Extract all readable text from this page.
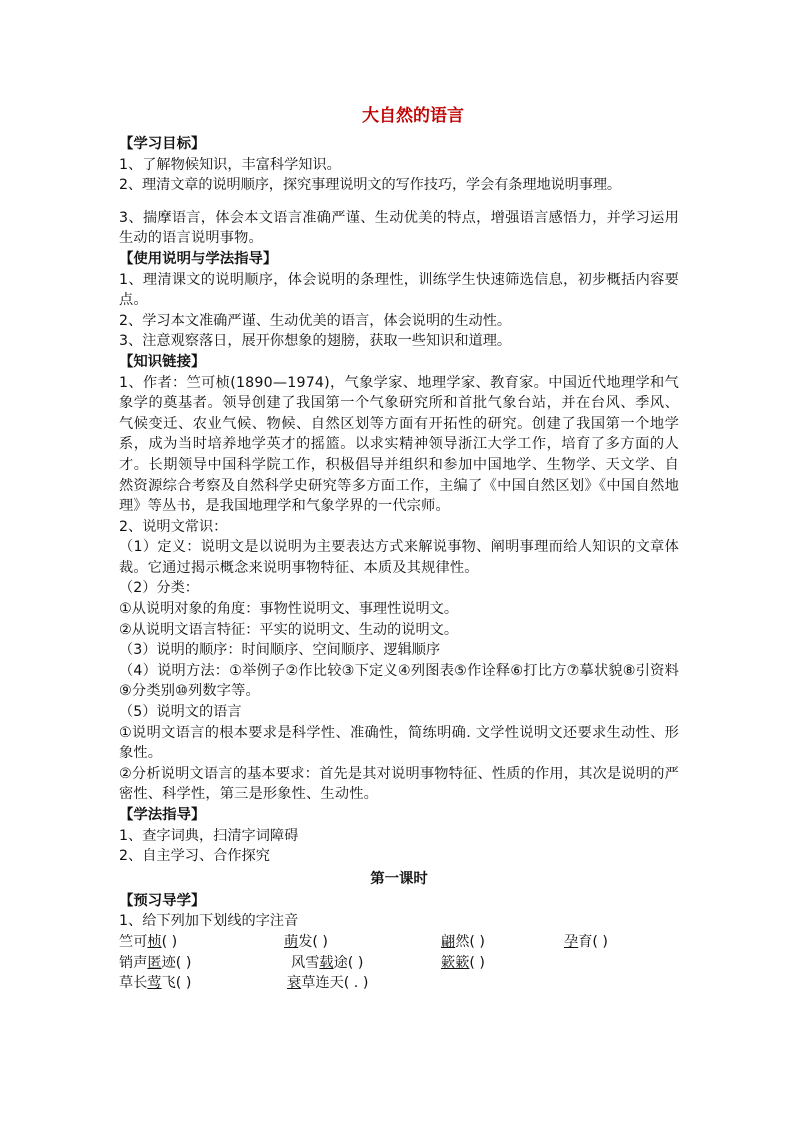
大自然的语言
【学习目标】
1、了解物候知识，丰富科学知识。
2、理清文章的说明顺序，探究事理说明文的写作技巧，学会有条理地说明事理。
3、揣摩语言，体会本文语言准确严谨、生动优美的特点，增强语言感悟力，并学习运用生动的语言说明事物。
【使用说明与学法指导】
1、理清课文的说明顺序，体会说明的条理性，训练学生快速筛选信息，初步概括内容要点。
2、学习本文准确严谨、生动优美的语言，体会说明的生动性。
3、注意观察落日，展开你想象的翅膀，获取一些知识和道理。
【知识链接】
1、作者：竺可桢(1890—1974)，气象学家、地理学家、教育家。中国近代地理学和气象学的奠基者。领导创建了我国第一个气象研究所和首批气象台站，并在台风、季风、气候变迁、农业气候、物候、自然区划等方面有开拓性的研究。创建了我国第一个地学系，成为当时培养地学英才的摇篮。以求实精神领导浙江大学工作，培育了多方面的人才。长期领导中国科学院工作，积极倡导并组织和参加中国地学、生物学、天文学、自然资源综合考察及自然科学史研究等多方面工作，主编了《中国自然区划》《中国自然地理》等丛书，是我国地理学和气象学界的一代宗师。
2、说明文常识：
（1）定义：说明文是以说明为主要表达方式来解说事物、阐明事理而给人知识的文章体裁。它通过揭示概念来说明事物特征、本质及其规律性。
（2）分类：
①从说明对象的角度：事物性说明文、事理性说明文。
②从说明文语言特征：平实的说明文、生动的说明文。
（3）说明的顺序：时间顺序、空间顺序、逻辑顺序
（4）说明方法：①举例子②作比较③下定义④列图表⑤作诠释⑥打比方⑦摹状貌⑧引资料 ⑨分类别⑩列数字等。
（5）说明文的语言
①说明文语言的根本要求是科学性、准确性，简练明确. 文学性说明文还要求生动性、形象性。
②分析说明文语言的基本要求：首先是其对说明事物特征、性质的作用，其次是说明的严密性、科学性，第三是形象性、生动性。
【学法指导】
1、查字词典，扫清字词障碍
2、自主学习、合作探究
第一课时
【预习导学】
1、给下列加下划线的字注音
竺可桢( )	萌发( )	翩然( )	孕育( )
销声匿迹( )	风雪载途( )	簌簌( )
草长莺飞( )	衰草连天( . )
